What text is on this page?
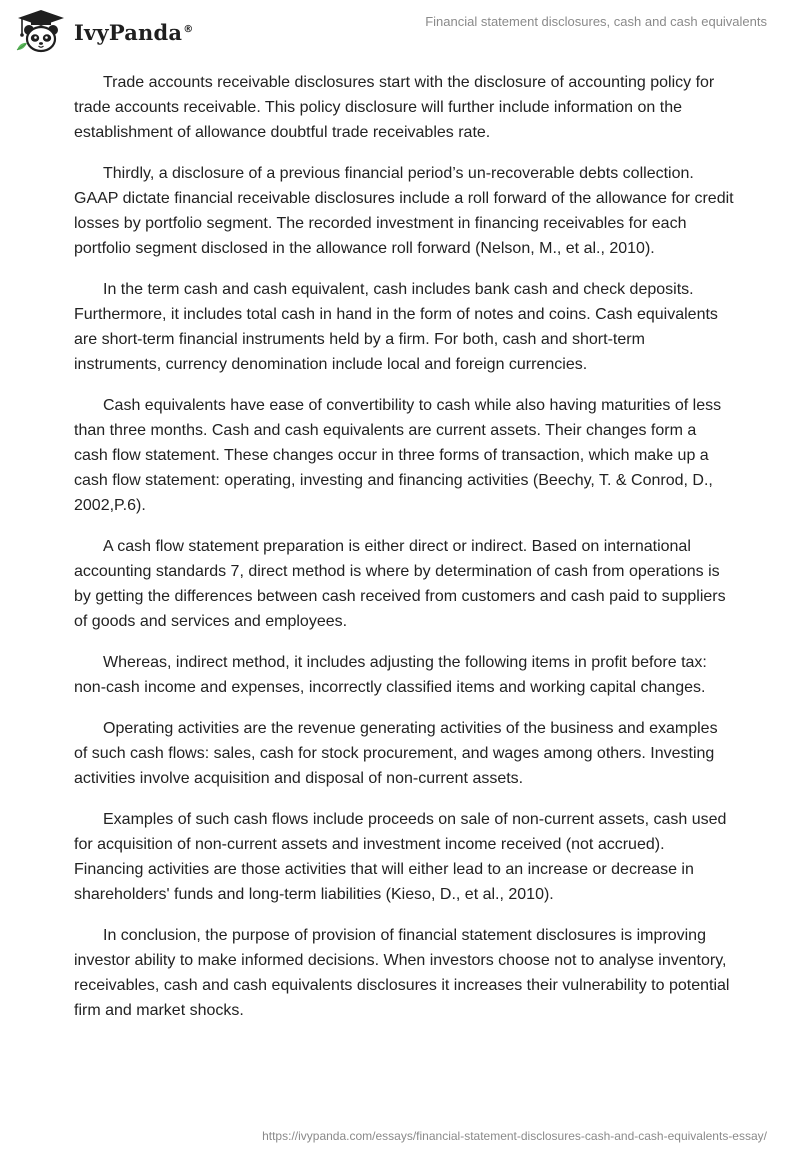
IvyPanda®	Financial statement disclosures, cash and cash equivalents

Trade accounts receivable disclosures start with the disclosure of accounting policy for trade accounts receivable. This policy disclosure will further include information on the establishment of allowance doubtful trade receivables rate.

Thirdly, a disclosure of a previous financial period’s un-recoverable debts collection. GAAP dictate financial receivable disclosures include a roll forward of the allowance for credit losses by portfolio segment. The recorded investment in financing receivables for each portfolio segment disclosed in the allowance roll forward (Nelson, M., et al., 2010).

In the term cash and cash equivalent, cash includes bank cash and check deposits. Furthermore, it includes total cash in hand in the form of notes and coins. Cash equivalents are short-term financial instruments held by a firm. For both, cash and short-term instruments, currency denomination include local and foreign currencies.

Cash equivalents have ease of convertibility to cash while also having maturities of less than three months. Cash and cash equivalents are current assets. Their changes form a cash flow statement. These changes occur in three forms of transaction, which make up a cash flow statement: operating, investing and financing activities (Beechy, T. & Conrod, D., 2002,P.6).

A cash flow statement preparation is either direct or indirect. Based on international accounting standards 7, direct method is where by determination of cash from operations is by getting the differences between cash received from customers and cash paid to suppliers of goods and services and employees.

Whereas, indirect method, it includes adjusting the following items in profit before tax: non-cash income and expenses, incorrectly classified items and working capital changes.

Operating activities are the revenue generating activities of the business and examples of such cash flows: sales, cash for stock procurement, and wages among others. Investing activities involve acquisition and disposal of non-current assets.

Examples of such cash flows include proceeds on sale of non-current assets, cash used for acquisition of non-current assets and investment income received (not accrued). Financing activities are those activities that will either lead to an increase or decrease in shareholders' funds and long-term liabilities (Kieso, D., et al., 2010).

In conclusion, the purpose of provision of financial statement disclosures is improving investor ability to make informed decisions. When investors choose not to analyse inventory, receivables, cash and cash equivalents disclosures it increases their vulnerability to potential firm and market shocks.

https://ivypanda.com/essays/financial-statement-disclosures-cash-and-cash-equivalents-essay/
